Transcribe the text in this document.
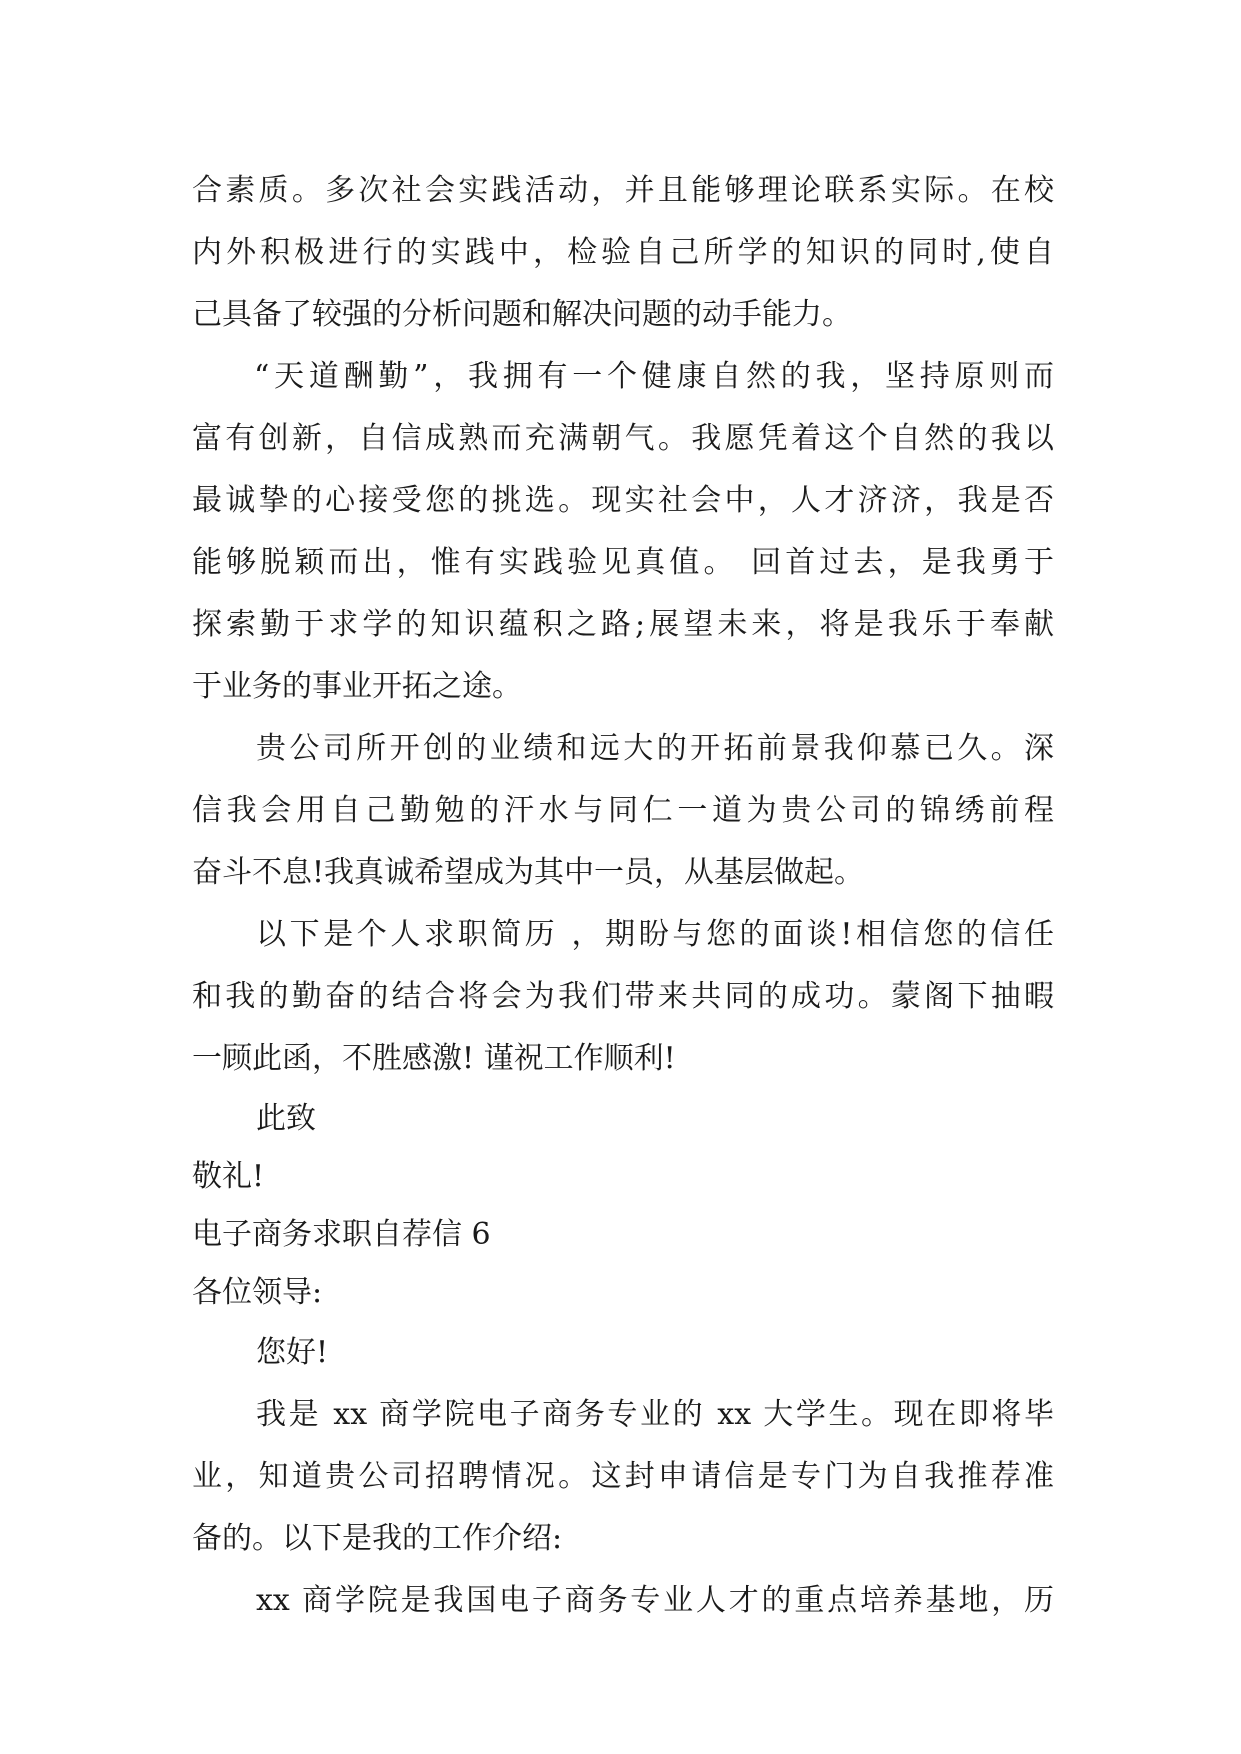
合素质。多次社会实践活动，并且能够理论联系实际。在校
内外积极进行的实践中，检验自己所学的知识的同时,使自
己具备了较强的分析问题和解决问题的动手能力。
“天道酬勤”，我拥有一个健康自然的我，坚持原则而
富有创新，自信成熟而充满朝气。我愿凭着这个自然的我以
最诚挚的心接受您的挑选。现实社会中，人才济济，我是否
能够脱颖而出，惟有实践验见真值。 回首过去，是我勇于
探索勤于求学的知识蕴积之路;展望未来，将是我乐于奉献
于业务的事业开拓之途。
贵公司所开创的业绩和远大的开拓前景我仰慕已久。深
信我会用自己勤勉的汗水与同仁一道为贵公司的锦绣前程
奋斗不息!我真诚希望成为其中一员，从基层做起。
以下是个人求职简历 ，期盼与您的面谈!相信您的信任
和我的勤奋的结合将会为我们带来共同的成功。蒙阁下抽暇
一顾此函，不胜感激! 谨祝工作顺利!
此致
敬礼!
电子商务求职自荐信 6
各位领导:
您好!
我是 xx 商学院电子商务专业的 xx 大学生。现在即将毕
业，知道贵公司招聘情况。这封申请信是专门为自我推荐准
备的。以下是我的工作介绍:
xx 商学院是我国电子商务专业人才的重点培养基地，历
